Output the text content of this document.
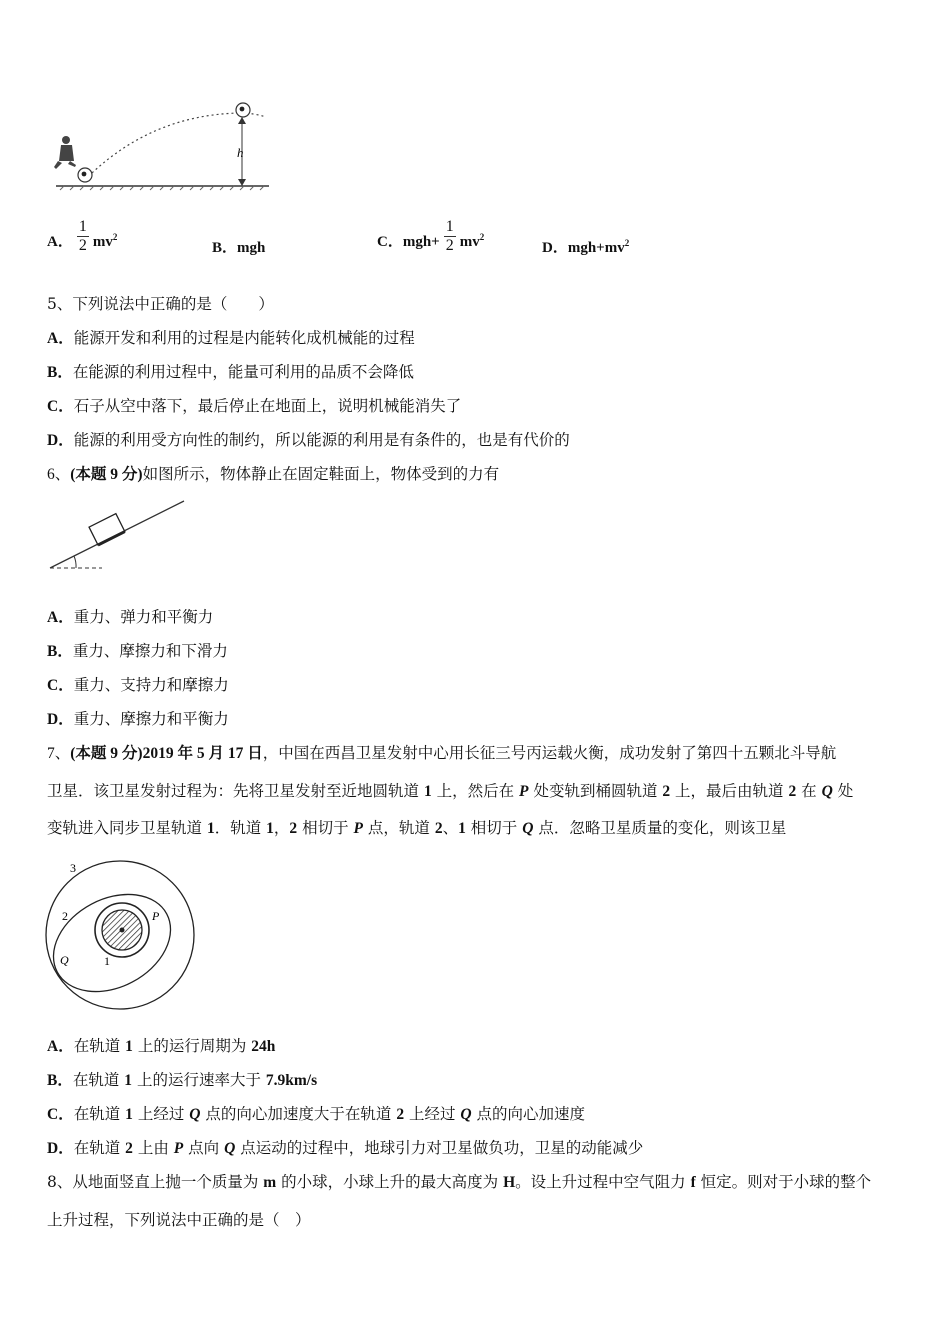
h
A． $\frac{1}{2} mv^2$
B．mgh	C．$mgh+ \frac{1}{2} mv^2$
D．$mgh+mv^2$
5、下列说法中正确的是（　　）
A．能源开发和利用的过程是内能转化成机械能的过程
B．在能源的利用过程中，能量可利用的品质不会降低
C．石子从空中落下，最后停止在地面上，说明机械能消失了
D．能源的利用受方向性的制约，所以能源的利用是有条件的，也是有代价的
6、(本题 9 分)如图所示，物体静止在固定鞋面上，物体受到的力有
A．重力、弹力和平衡力
B．重力、摩擦力和下滑力
C．重力、支持力和摩擦力
D．重力、摩擦力和平衡力
7、(本题 9 分)2019 年 5 月 17 日，中国在西昌卫星发射中心用长征三号丙运载火衡，成功发射了第四十五颗北斗导航
卫星．该卫星发射过程为：先将卫星发射至近地圆轨道 1 上，然后在 P 处变轨到桶圆轨道 2 上，最后由轨道 2 在 Q 处
变轨进入同步卫星轨道 1．轨道 1，2 相切于 P 点，轨道 2、1 相切于 Q 点．忽略卫星质量的变化，则该卫星
3
2
1
P
Q
A．在轨道 1 上的运行周期为 24h
B．在轨道 1 上的运行速率大于 7.9km/s
C．在轨道 1 上经过 Q 点的向心加速度大于在轨道 2 上经过 Q 点的向心加速度
D．在轨道 2 上由 P 点向 Q 点运动的过程中，地球引力对卫星做负功，卫星的动能减少
8、从地面竖直上抛一个质量为 m 的小球，小球上升的最大高度为 H。设上升过程中空气阻力 f 恒定。则对于小球的整个
上升过程，下列说法中正确的是（　）
